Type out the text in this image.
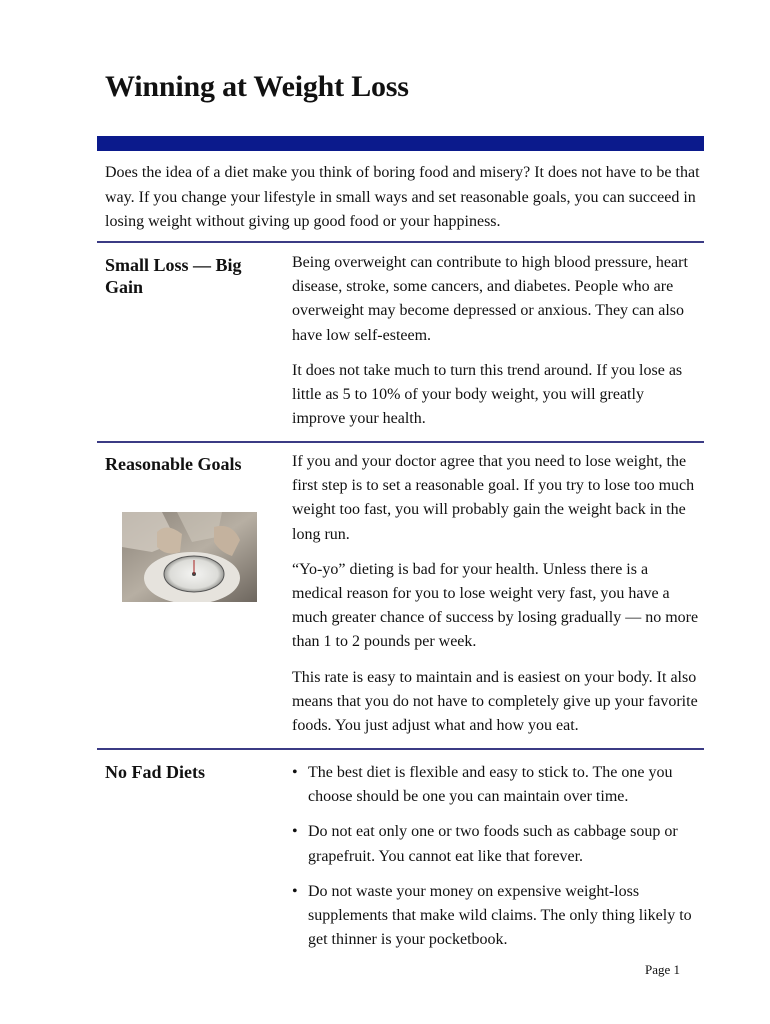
Winning at Weight Loss
Does the idea of a diet make you think of boring food and misery? It does not have to be that way. If you change your lifestyle in small ways and set reasonable goals, you can succeed in losing weight without giving up good food or your happiness.
Small Loss — Big Gain

Being overweight can contribute to high blood pressure, heart disease, stroke, some cancers, and diabetes. People who are overweight may become depressed or anxious. They can also have low self-esteem.

It does not take much to turn this trend around. If you lose as little as 5 to 10% of your body weight, you will greatly improve your health.

Reasonable Goals	If you and your doctor agree that you need to lose weight, the first step is to set a reasonable goal. If you try to lose too much weight too fast, you will probably gain the weight back in the long run.

“Yo-yo” dieting is bad for your health. Unless there is a medical reason for you to lose weight very fast, you have a much greater chance of success by losing gradually — no more than 1 to 2 pounds per week.

This rate is easy to maintain and is easiest on your body. It also means that you do not have to completely give up your favorite foods. You just adjust what and how you eat.

No Fad Diets	• The best diet is flexible and easy to stick to. The one you choose should be one you can maintain over time.
• Do not eat only one or two foods such as cabbage soup or grapefruit. You cannot eat like that forever.
• Do not waste your money on expensive weight-loss supplements that make wild claims. The only thing likely to get thinner is your pocketbook.
Page 1
